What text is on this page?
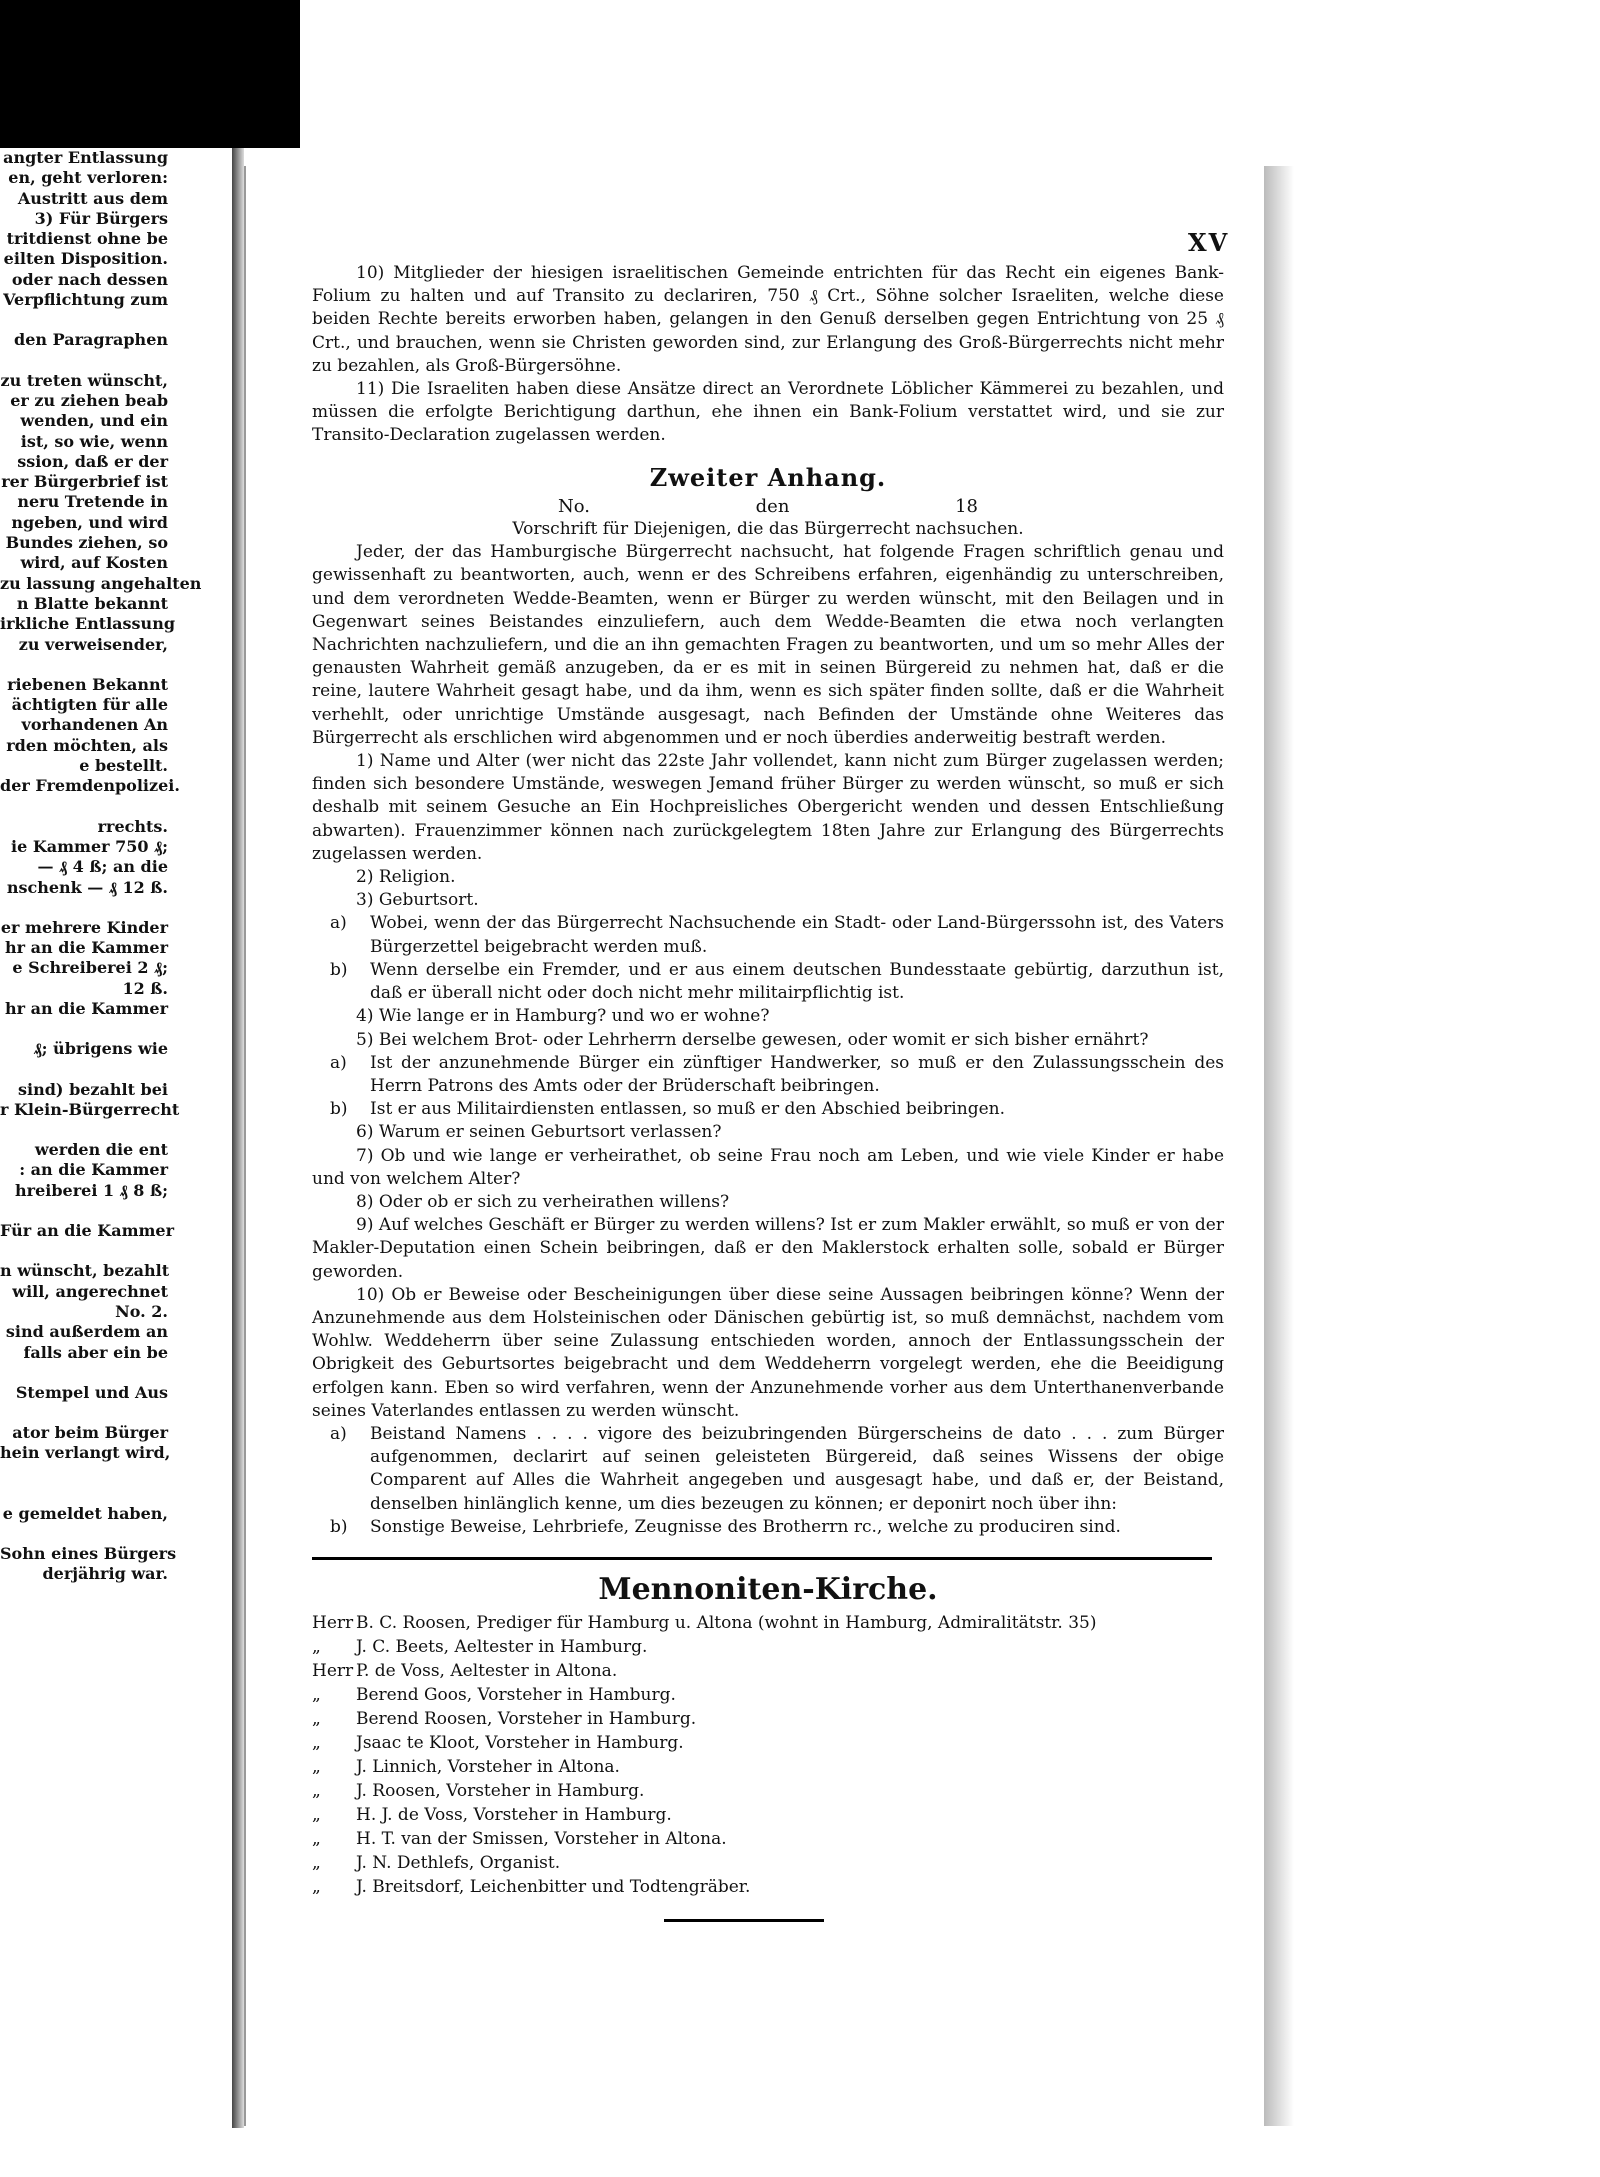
angter Entlassung
en, geht verloren:
Austritt aus dem
3) Für Bürgers
tritdienst ohne be
eilten Disposition.
oder nach dessen
Verpflichtung zum
den Paragraphen
zu treten wünscht,
er zu ziehen beab
wenden, und ein
ist, so wie, wenn
ssion, daß er der
rer Bürgerbrief ist
neru Tretende in
ngeben, und wird
Bundes ziehen, so
wird, auf Kosten
zu lassung angehalten
n Blatte bekannt
irkliche Entlassung
zu verweisender,
riebenen Bekannt
ächtigten für alle
vorhandenen An
rden möchten, als
e bestellt.
der Fremdenpolizei.
rrechts.
ie Kammer 750 ₰;
— ₰ 4 ß; an die
nschenk — ₰ 12 ß.
er mehrere Kinder
hr an die Kammer
e Schreiberei 2 ₰;
12 ß.
hr an die Kammer
₰; übrigens wie
sind) bezahlt bei
r Klein-Bürgerrecht
werden die ent
: an die Kammer
hreiberei 1 ₰ 8 ß;
Für an die Kammer
n wünscht, bezahlt
will, angerechnet
No. 2.
sind außerdem an
falls aber ein be
Stempel und Aus
ator beim Bürger
hein verlangt wird,
e gemeldet haben,
Sohn eines Bürgers
derjährig war.
XV

10) Mitglieder der hiesigen israelitischen Gemeinde entrichten für das Recht ein eigenes Bank-Folium zu halten und auf Transito zu declariren, 750 ₰ Crt., Söhne solcher Israeliten, welche diese beiden Rechte bereits erworben haben, gelangen in den Genuß derselben gegen Entrichtung von 25 ₰ Crt., und brauchen, wenn sie Christen geworden sind, zur Erlangung des Groß-Bürgerrechts nicht mehr zu bezahlen, als Groß-Bürgersöhne.

11) Die Israeliten haben diese Ansätze direct an Verordnete Löblicher Kämmerei zu bezahlen, und müssen die erfolgte Berichtigung darthun, ehe ihnen ein Bank-Folium verstattet wird, und sie zur Transito-Declaration zugelassen werden.

Zweiter Anhang.
No.	den	18

Vorschrift für Diejenigen, die das Bürgerrecht nachsuchen.

Jeder, der das Hamburgische Bürgerrecht nachsucht, hat folgende Fragen schriftlich genau und gewissenhaft zu beantworten, auch, wenn er des Schreibens erfahren, eigenhändig zu unterschreiben, und dem verordneten Wedde-Beamten, wenn er Bürger zu werden wünscht, mit den Beilagen und in Gegenwart seines Beistandes einzuliefern, auch dem Wedde-Beamten die etwa noch verlangten Nachrichten nachzuliefern, und die an ihn gemachten Fragen zu beantworten, und um so mehr Alles der genausten Wahrheit gemäß anzugeben, da er es mit in seinen Bürgereid zu nehmen hat, daß er die reine, lautere Wahrheit gesagt habe, und da ihm, wenn es sich später finden sollte, daß er die Wahrheit verhehlt, oder unrichtige Umstände ausgesagt, nach Befinden der Umstände ohne Weiteres das Bürgerrecht als erschlichen wird abgenommen und er noch überdies anderweitig bestraft werden.

1) Name und Alter (wer nicht das 22ste Jahr vollendet, kann nicht zum Bürger zugelassen werden; finden sich besondere Umstände, weswegen Jemand früher Bürger zu werden wünscht, so muß er sich deshalb mit seinem Gesuche an Ein Hochpreisliches Obergericht wenden und dessen Entschließung abwarten). Frauenzimmer können nach zurückgelegtem 18ten Jahre zur Erlangung des Bürgerrechts zugelassen werden.

2) Religion.

3) Geburtsort.

a)	Wobei, wenn der das Bürgerrecht Nachsuchende ein Stadt- oder Land-Bürgerssohn ist, des Vaters Bürgerzettel beigebracht werden muß.
b)	Wenn derselbe ein Fremder, und er aus einem deutschen Bundesstaate gebürtig, darzuthun ist, daß er überall nicht oder doch nicht mehr militairpflichtig ist.

4) Wie lange er in Hamburg? und wo er wohne?

5) Bei welchem Brot- oder Lehrherrn derselbe gewesen, oder womit er sich bisher ernährt?

a)	Ist der anzunehmende Bürger ein zünftiger Handwerker, so muß er den Zulassungsschein des Herrn Patrons des Amts oder der Brüderschaft beibringen.
b)	Ist er aus Militairdiensten entlassen, so muß er den Abschied beibringen.

6) Warum er seinen Geburtsort verlassen?

7) Ob und wie lange er verheirathet, ob seine Frau noch am Leben, und wie viele Kinder er habe und von welchem Alter?

8) Oder ob er sich zu verheirathen willens?

9) Auf welches Geschäft er Bürger zu werden willens? Ist er zum Makler erwählt, so muß er von der Makler-Deputation einen Schein beibringen, daß er den Maklerstock erhalten solle, sobald er Bürger geworden.

10) Ob er Beweise oder Bescheinigungen über diese seine Aussagen beibringen könne? Wenn der Anzunehmende aus dem Holsteinischen oder Dänischen gebürtig ist, so muß demnächst, nachdem vom Wohlw. Weddeherrn über seine Zulassung entschieden worden, annoch der Entlassungsschein der Obrigkeit des Geburtsortes beigebracht und dem Weddeherrn vorgelegt werden, ehe die Beeidigung erfolgen kann. Eben so wird verfahren, wenn der Anzunehmende vorher aus dem Unterthanenverbande seines Vaterlandes entlassen zu werden wünscht.

a)	Beistand Namens . . . . vigore des beizubringenden Bürgerscheins de dato . . . zum Bürger aufgenommen, declarirt auf seinen geleisteten Bürgereid, daß seines Wissens der obige Comparent auf Alles die Wahrheit angegeben und ausgesagt habe, und daß er, der Beistand, denselben hinlänglich kenne, um dies bezeugen zu können; er deponirt noch über ihn:
b)	Sonstige Beweise, Lehrbriefe, Zeugnisse des Brotherrn rc., welche zu produciren sind.
Mennoniten-Kirche.

Herr B. C. Roosen, Prediger für Hamburg u. Altona (wohnt in Hamburg, Admiralitätstr. 35)

„ J. C. Beets, Aeltester in Hamburg.

Herr P. de Voss, Aeltester in Altona.

„ Berend Goos, Vorsteher in Hamburg.

„ Berend Roosen, Vorsteher in Hamburg.

„ Jsaac te Kloot, Vorsteher in Hamburg.

„ J. Linnich, Vorsteher in Altona.

„ J. Roosen, Vorsteher in Hamburg.

„ H. J. de Voss, Vorsteher in Hamburg.

„ H. T. van der Smissen, Vorsteher in Altona.

„ J. N. Dethlefs, Organist.

„ J. Breitsdorf, Leichenbitter und Todtengräber.
